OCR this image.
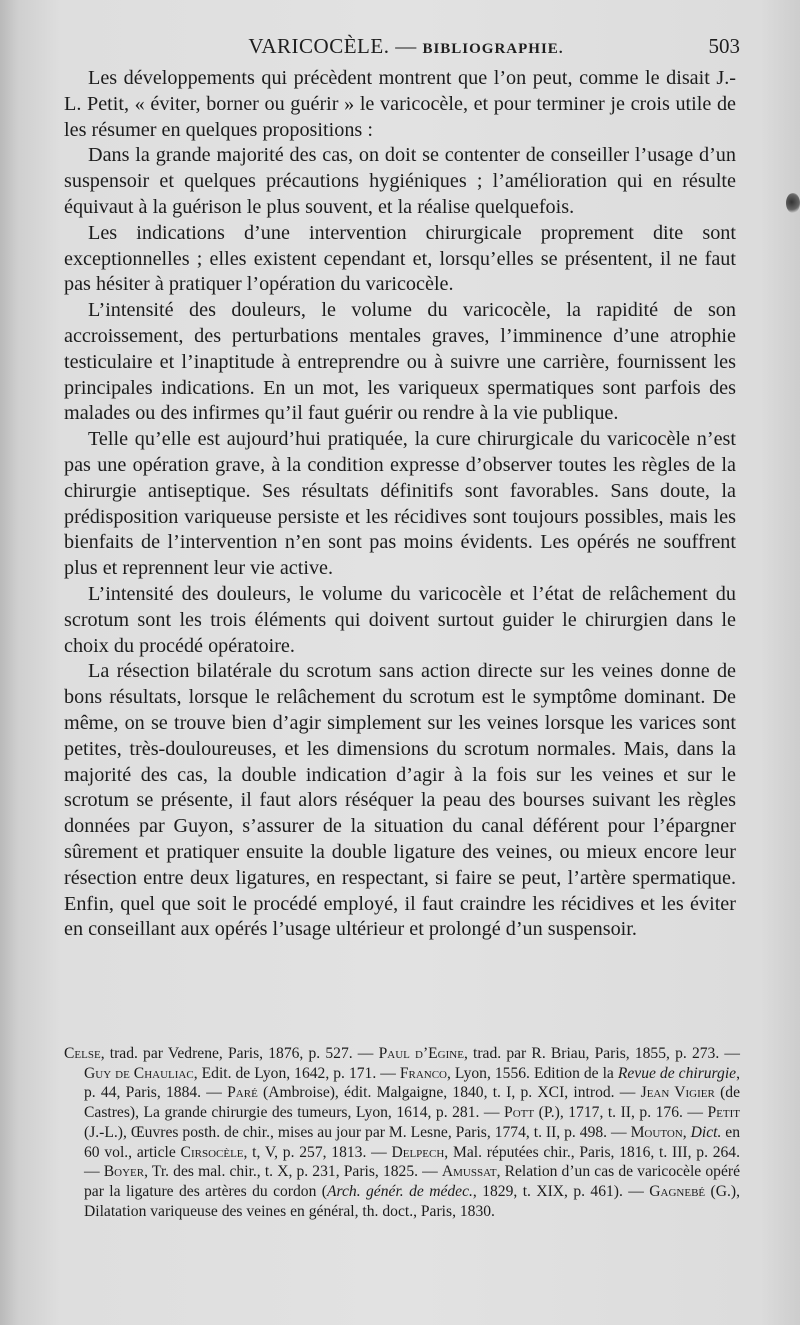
VARICOCÈLE. — BIBLIOGRAPHIE.	503

Les développements qui précèdent montrent que l’on peut, comme le disait J.-L. Petit, « éviter, borner ou guérir » le varicocèle, et pour terminer je crois utile de les résumer en quelques propositions :

Dans la grande majorité des cas, on doit se contenter de conseiller l’usage d’un suspensoir et quelques précautions hygiéniques ; l’amélioration qui en résulte équivaut à la guérison le plus souvent, et la réalise quelquefois.

Les indications d’une intervention chirurgicale proprement dite sont exceptionnelles ; elles existent cependant et, lorsqu’elles se présentent, il ne faut pas hésiter à pratiquer l’opération du varicocèle.

L’intensité des douleurs, le volume du varicocèle, la rapidité de son accroissement, des perturbations mentales graves, l’imminence d’une atrophie testiculaire et l’inaptitude à entreprendre ou à suivre une carrière, fournissent les principales indications. En un mot, les variqueux spermatiques sont parfois des malades ou des infirmes qu’il faut guérir ou rendre à la vie publique.

Telle qu’elle est aujourd’hui pratiquée, la cure chirurgicale du varicocèle n’est pas une opération grave, à la condition expresse d’observer toutes les règles de la chirurgie antiseptique. Ses résultats définitifs sont favorables. Sans doute, la prédisposition variqueuse persiste et les récidives sont toujours possibles, mais les bienfaits de l’intervention n’en sont pas moins évidents. Les opérés ne souffrent plus et reprennent leur vie active.

L’intensité des douleurs, le volume du varicocèle et l’état de relâchement du scrotum sont les trois éléments qui doivent surtout guider le chirurgien dans le choix du procédé opératoire.

La résection bilatérale du scrotum sans action directe sur les veines donne de bons résultats, lorsque le relâchement du scrotum est le symptôme dominant. De même, on se trouve bien d’agir simplement sur les veines lorsque les varices sont petites, très-douloureuses, et les dimensions du scrotum normales. Mais, dans la majorité des cas, la double indication d’agir à la fois sur les veines et sur le scrotum se présente, il faut alors réséquer la peau des bourses suivant les règles données par Guyon, s’assurer de la situation du canal déférent pour l’épargner sûrement et pratiquer ensuite la double ligature des veines, ou mieux encore leur résection entre deux ligatures, en respectant, si faire se peut, l’artère spermatique. Enfin, quel que soit le procédé employé, il faut craindre les récidives et les éviter en conseillant aux opérés l’usage ultérieur et prolongé d’un suspensoir.

Celse, trad. par Vedrene, Paris, 1876, p. 527. — Paul d’Egine, trad. par R. Briau, Paris, 1855, p. 273. — Guy de Chauliac, Edit. de Lyon, 1642, p. 171. — Franco, Lyon, 1556. Edition de la Revue de chirurgie, p. 44, Paris, 1884. — Paré (Ambroise), édit. Malgaigne, 1840, t. I, p. XCI, introd. — Jean Vigier (de Castres), La grande chirurgie des tumeurs, Lyon, 1614, p. 281. — Pott (P.), 1717, t. II, p. 176. — Petit (J.-L.), Œuvres posth. de chir., mises au jour par M. Lesne, Paris, 1774, t. II, p. 498. — Mouton, Dict. en 60 vol., article Cirsocèle, t, V, p. 257, 1813. — Delpech, Mal. réputées chir., Paris, 1816, t. III, p. 264. — Boyer, Tr. des mal. chir., t. X, p. 231, Paris, 1825. — Amussat, Relation d’un cas de varicocèle opéré par la ligature des artères du cordon (Arch. génér. de médec., 1829, t. XIX, p. 461). — Gagnebé (G.), Dilatation variqueuse des veines en général, th. doct., Paris, 1830.
